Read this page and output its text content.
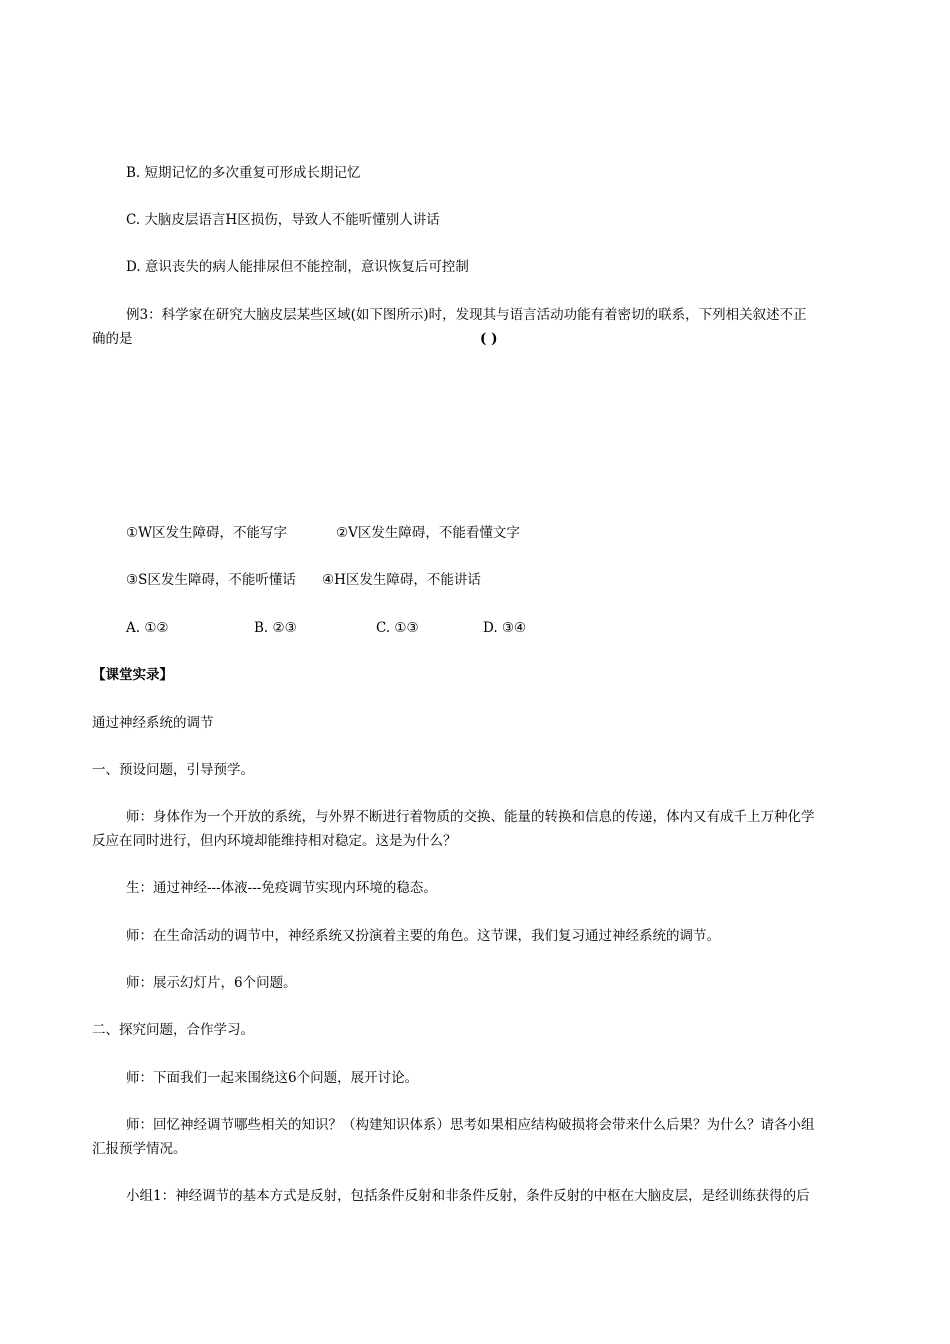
B. 短期记忆的多次重复可形成长期记忆
C. 大脑皮层语言H区损伤，导致人不能听懂别人讲话
D. 意识丧失的病人能排尿但不能控制，意识恢复后可控制
例3：科学家在研究大脑皮层某些区域(如下图所示)时，发现其与语言活动功能有着密切的联系，下列相关叙述不正
确的是	( )
①W区发生障碍，不能写字	②V区发生障碍，不能看懂文字
③S区发生障碍，不能听懂话 ④H区发生障碍，不能讲话
A. ①②	B. ②③	C. ①③	D. ③④
【课堂实录】
通过神经系统的调节
一、预设问题，引导预学。
师：身体作为一个开放的系统，与外界不断进行着物质的交换、能量的转换和信息的传递，体内又有成千上万种化学
反应在同时进行，但内环境却能维持相对稳定。这是为什么？
生：通过神经---体液---免疫调节实现内环境的稳态。
师：在生命活动的调节中，神经系统又扮演着主要的角色。这节课，我们复习通过神经系统的调节。
师：展示幻灯片，6个问题。
二、探究问题，合作学习。
师：下面我们一起来围绕这6个问题，展开讨论。
师：回忆神经调节哪些相关的知识？（构建知识体系）思考如果相应结构破损将会带来什么后果？为什么？请各小组
汇报预学情况。
小组1：神经调节的基本方式是反射，包括条件反射和非条件反射，条件反射的中枢在大脑皮层，是经训练获得的后
